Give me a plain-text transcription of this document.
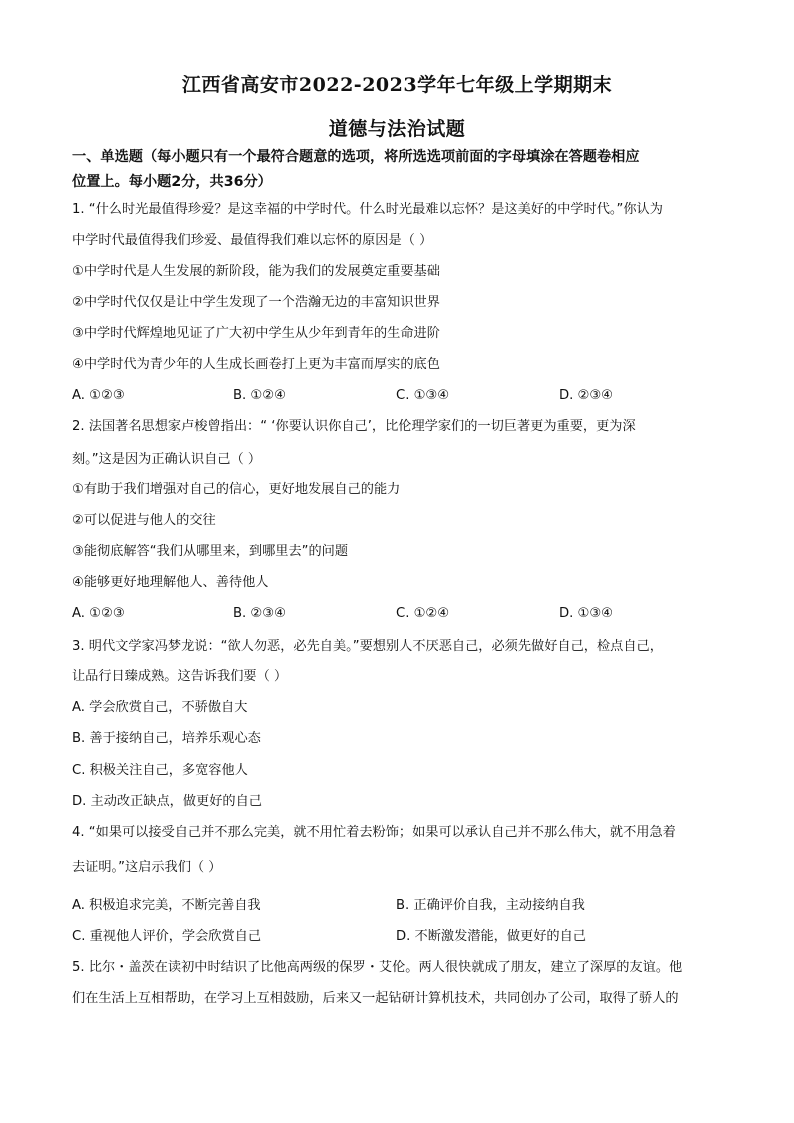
江西省高安市2022-2023学年七年级上学期期末
道德与法治试题
一、单选题（每小题只有一个最符合题意的选项，将所选选项前面的字母填涂在答题卷相应
位置上。每小题2分，共36分）
1. “什么时光最值得珍爱？是这幸福的中学时代。什么时光最难以忘怀？是这美好的中学时代。”你认为
中学时代最值得我们珍爱、最值得我们难以忘怀的原因是（ ）
①中学时代是人生发展的新阶段，能为我们的发展奠定重要基础
②中学时代仅仅是让中学生发现了一个浩瀚无边的丰富知识世界
③中学时代辉煌地见证了广大初中学生从少年到青年的生命进阶
④中学时代为青少年的人生成长画卷打上更为丰富而厚实的底色
A. ①②③	B. ①②④	C. ①③④	D. ②③④
2. 法国著名思想家卢梭曾指出：“ ‘你要认识你自己’，比伦理学家们的一切巨著更为重要，更为深
刻。”这是因为正确认识自己（ ）
①有助于我们增强对自己的信心，更好地发展自己的能力
②可以促进与他人的交往
③能彻底解答“我们从哪里来，到哪里去”的问题
④能够更好地理解他人、善待他人
A. ①②③	B. ②③④	C. ①②④	D. ①③④
3. 明代文学家冯梦龙说：“欲人勿恶，必先自美。”要想别人不厌恶自己，必须先做好自己，检点自己，
让品行日臻成熟。这告诉我们要（ ）
A. 学会欣赏自己，不骄傲自大
B. 善于接纳自己，培养乐观心态
C. 积极关注自己，多宽容他人
D. 主动改正缺点，做更好的自己
4. “如果可以接受自己并不那么完美，就不用忙着去粉饰；如果可以承认自己并不那么伟大，就不用急着
去证明。”这启示我们（ ）
A. 积极追求完美，不断完善自我	B. 正确评价自我，主动接纳自我
C. 重视他人评价，学会欣赏自己	D. 不断激发潜能，做更好的自己
5. 比尔・盖茨在读初中时结识了比他高两级的保罗・艾伦。两人很快就成了朋友，建立了深厚的友谊。他
们在生活上互相帮助，在学习上互相鼓励，后来又一起钻研计算机技术，共同创办了公司，取得了骄人的
